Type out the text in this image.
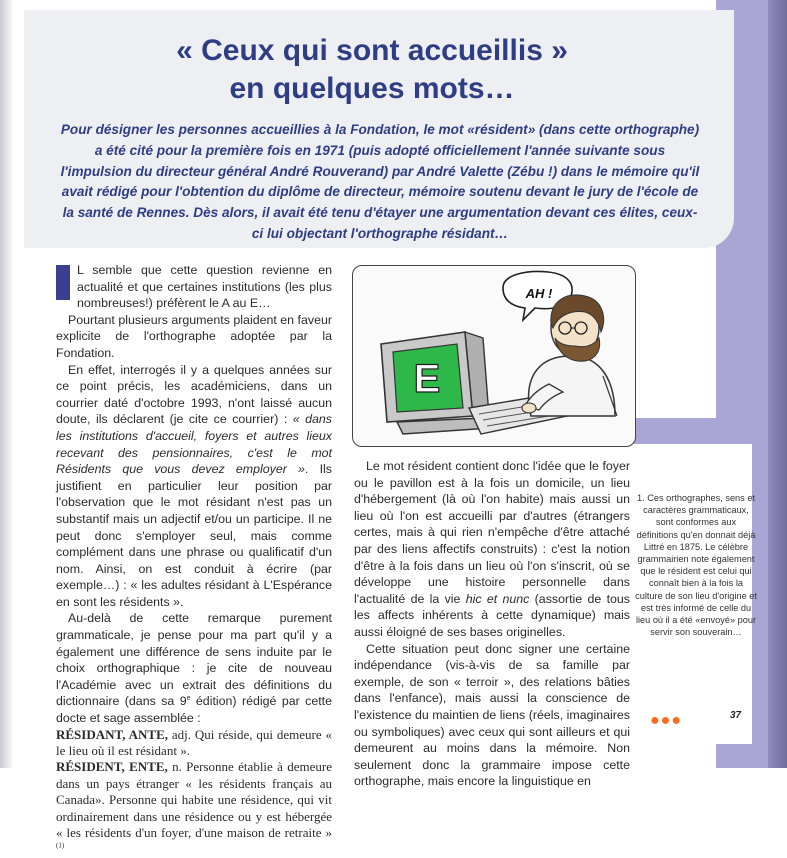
« Ceux qui sont accueillis »
en quelques mots…

Pour désigner les personnes accueillies à la Fondation, le mot «résident» (dans cette orthographe) a été cité pour la première fois en 1971 (puis adopté officiellement l'année suivante sous l'impulsion du directeur général André Rouverand) par André Valette (Zébu !) dans le mémoire qu'il avait rédigé pour l'obtention du diplôme de directeur, mémoire soutenu devant le jury de l'école de la santé de Rennes. Dès alors, il avait été tenu d'étayer une argumentation devant ces élites, ceux-ci lui objectant l'orthographe résidant…

L semble que cette question revienne en actualité et que certaines institutions (les plus nombreuses!) préfèrent le A au E…

Pourtant plusieurs arguments plaident en faveur explicite de l'orthographe adoptée par la Fondation.

En effet, interrogés il y a quelques années sur ce point précis, les académiciens, dans un courrier daté d'octobre 1993, n'ont laissé aucun doute, ils déclarent (je cite ce courrier) : « dans les institutions d'accueil, foyers et autres lieux recevant des pensionnaires, c'est le mot Résidents que vous devez employer ». Ils justifient en particulier leur position par l'observation que le mot résidant n'est pas un substantif mais un adjectif et/ou un participe. Il ne peut donc s'employer seul, mais comme complément dans une phrase ou qualificatif d'un nom. Ainsi, on est conduit à écrire (par exemple…) : « les adultes résidant à L'Espérance en sont les résidents ».

Au-delà de cette remarque purement grammaticale, je pense pour ma part qu'il y a également une différence de sens induite par le choix orthographique : je cite de nouveau l'Académie avec un extrait des définitions du dictionnaire (dans sa 9e édition) rédigé par cette docte et sage assemblée :

RÉSIDANT, ANTE, adj. Qui réside, qui demeure « le lieu où il est résidant ».

RÉSIDENT, ENTE, n. Personne établie à demeure dans un pays étranger « les résidents français au Canada». Personne qui habite une résidence, qui vit ordinairement dans une résidence ou y est hébergée « les résidents d'un foyer, d'une maison de retraite » $^{(1)}$

AH !
E

Le mot résident contient donc l'idée que le foyer ou le pavillon est à la fois un domicile, un lieu d'hébergement (là où l'on habite) mais aussi un lieu où l'on est accueilli par d'autres (étrangers certes, mais à qui rien n'empêche d'être attaché par des liens affectifs construits) : c'est la notion d'être à la fois dans un lieu où l'on s'inscrit, où se développe une histoire personnelle dans l'actualité de la vie hic et nunc (assortie de tous les affects inhérents à cette dynamique) mais aussi éloigné de ses bases originelles.

Cette situation peut donc signer une certaine indépendance (vis-à-vis de sa famille par exemple, de son « terroir », des relations bâties dans l'enfance), mais aussi la conscience de l'existence du maintien de liens (réels, imaginaires ou symboliques) avec ceux qui sont ailleurs et qui demeurent au moins dans la mémoire. Non seulement donc la grammaire impose cette orthographe, mais encore la linguistique en

1. Ces orthographes, sens et caractères grammaticaux, sont conformes aux définitions qu'en donnait déjà Littré en 1875. Le célèbre grammairien note également que le résident est celui qui connaît bien à la fois la culture de son lieu d'origine et est très informé de celle du lieu où il a été «envoyé» pour servir son souverain…

●●●	37
